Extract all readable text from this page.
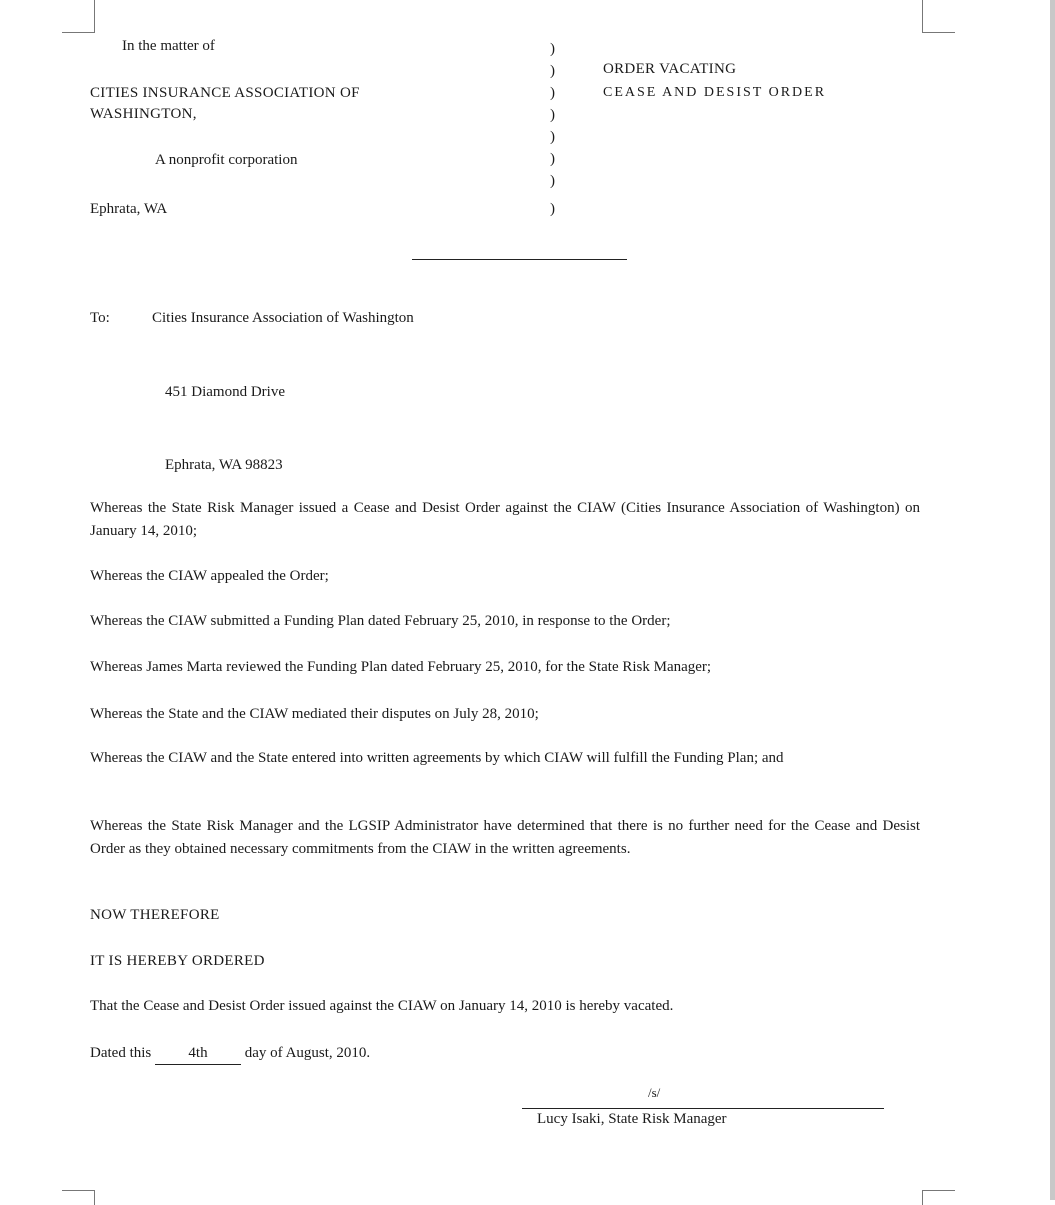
In the matter of
CITIES INSURANCE ASSOCIATION OF
WASHINGTON,
A nonprofit corporation
Ephrata, WA
)
)
)
)
)
)
)
)
ORDER VACATING
CEASE AND DESIST ORDER
To:	Cities Insurance Association of Washington
451 Diamond Drive
Ephrata, WA 98823
Whereas the State Risk Manager issued a Cease and Desist Order against the CIAW (Cities Insurance Association of Washington) on January 14, 2010;
Whereas the CIAW appealed the Order;
Whereas the CIAW submitted a Funding Plan dated February 25, 2010, in response to the Order;
Whereas James Marta reviewed the Funding Plan dated February 25, 2010, for the State Risk Manager;
Whereas the State and the CIAW mediated their disputes on July 28, 2010;
Whereas the CIAW and the State entered into written agreements by which CIAW will fulfill the Funding Plan; and
Whereas the State Risk Manager and the LGSIP Administrator have determined that there is no further need for the Cease and Desist Order as they obtained necessary commitments from the CIAW in the written agreements.
NOW THEREFORE
IT IS HEREBY ORDERED
That the Cease and Desist Order issued against the CIAW on January 14, 2010 is hereby vacated.
Dated this 4th day of August, 2010.
/s/
Lucy Isaki, State Risk Manager
